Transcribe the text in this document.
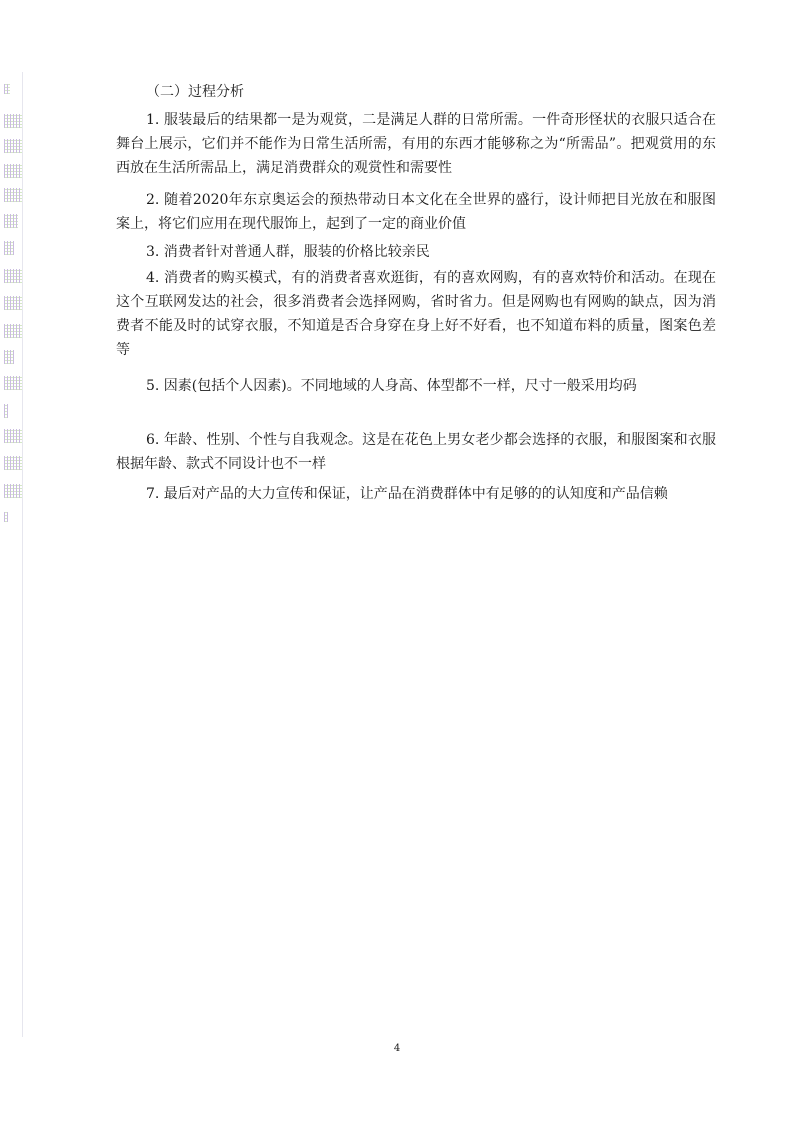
（二）过程分析

1. 服装最后的结果都一是为观赏，二是满足人群的日常所需。一件奇形怪状的衣服只适合在舞台上展示，它们并不能作为日常生活所需，有用的东西才能够称之为“所需品”。把观赏用的东西放在生活所需品上，满足消费群众的观赏性和需要性

2. 随着2020年东京奥运会的预热带动日本文化在全世界的盛行，设计师把目光放在和服图案上，将它们应用在现代服饰上，起到了一定的商业价值

3. 消费者针对普通人群，服装的价格比较亲民

4. 消费者的购买模式，有的消费者喜欢逛街，有的喜欢网购，有的喜欢特价和活动。在现在这个互联网发达的社会，很多消费者会选择网购，省时省力。但是网购也有网购的缺点，因为消费者不能及时的试穿衣服，不知道是否合身穿在身上好不好看，也不知道布料的质量，图案色差等

5. 因素(包括个人因素)。不同地域的人身高、体型都不一样，尺寸一般采用均码

6. 年龄、性别、个性与自我观念。这是在花色上男女老少都会选择的衣服，和服图案和衣服根据年龄、款式不同设计也不一样

7. 最后对产品的大力宣传和保证，让产品在消费群体中有足够的的认知度和产品信赖

4
